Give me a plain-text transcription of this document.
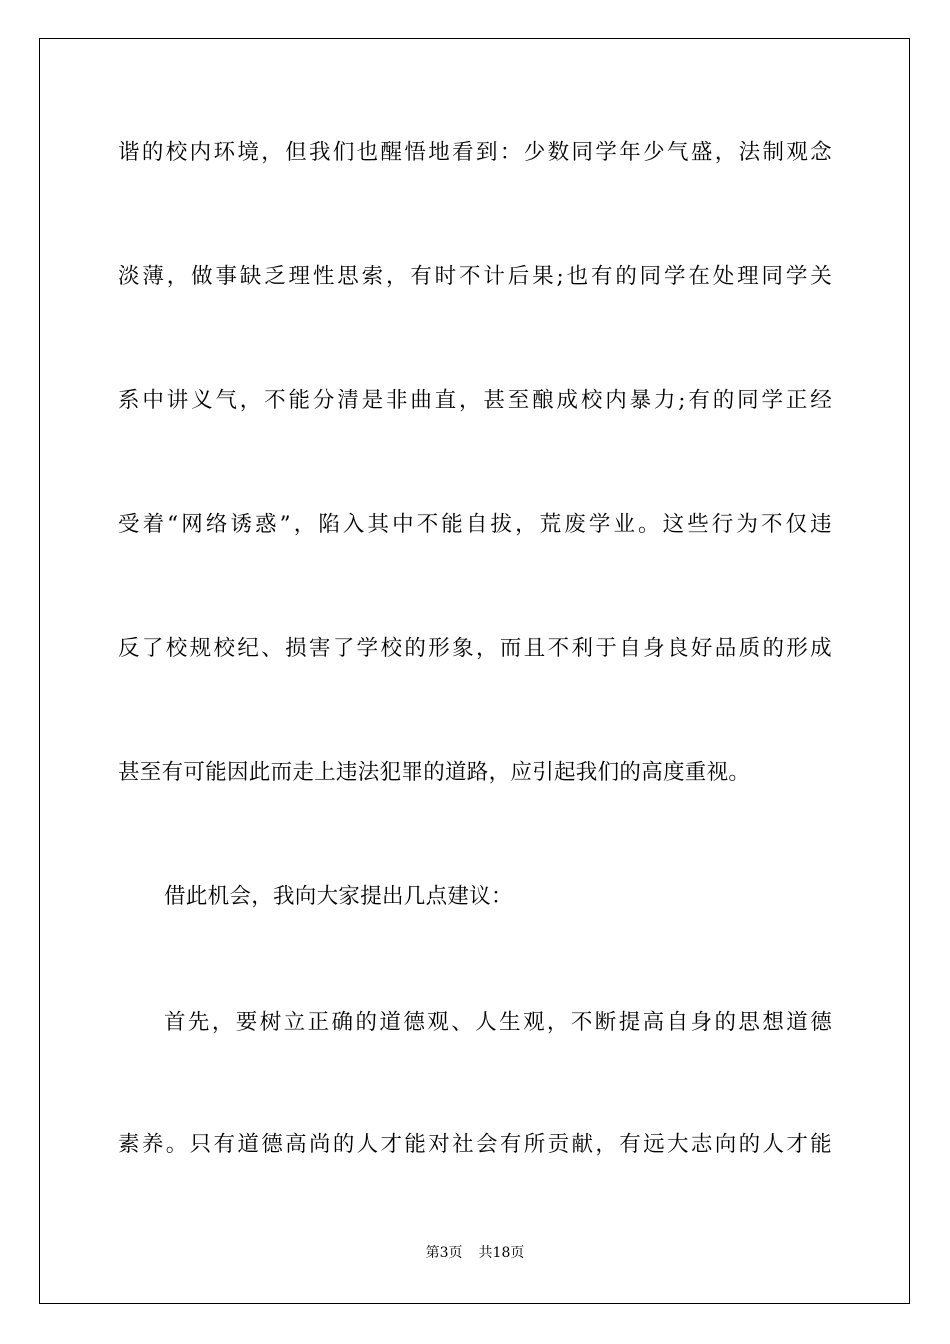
谐的校内环境，但我们也醒悟地看到：少数同学年少气盛，法制观念
淡薄，做事缺乏理性思索，有时不计后果;也有的同学在处理同学关
系中讲义气，不能分清是非曲直，甚至酿成校内暴力;有的同学正经
受着“网络诱惑”，陷入其中不能自拔，荒废学业。这些行为不仅违
反了校规校纪、损害了学校的形象，而且不利于自身良好品质的形成
甚至有可能因此而走上违法犯罪的道路，应引起我们的高度重视。
借此机会，我向大家提出几点建议：
首先，要树立正确的道德观、人生观，不断提高自身的思想道德
素养。只有道德高尚的人才能对社会有所贡献，有远大志向的人才能
第3页 共18页
